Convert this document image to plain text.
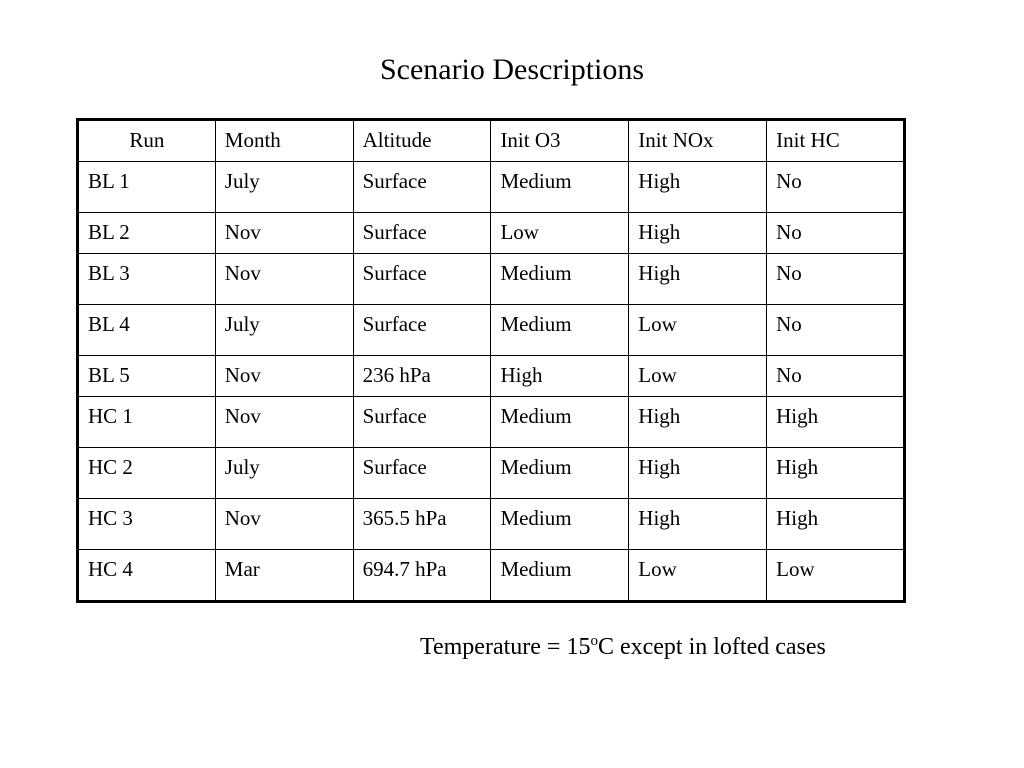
Scenario Descriptions
Run	Month	Altitude	Init O3	Init NOx	Init HC
BL 1	July	Surface	Medium	High	No
BL 2	Nov	Surface	Low	High	No
BL 3	Nov	Surface	Medium	High	No
BL 4	July	Surface	Medium	Low	No
BL 5	Nov	236 hPa	High	Low	No
HC 1	Nov	Surface	Medium	High	High
HC 2	July	Surface	Medium	High	High
HC 3	Nov	365.5 hPa	Medium	High	High
HC 4	Mar	694.7 hPa	Medium	Low	Low
Temperature = $15^oC$ except in lofted cases
